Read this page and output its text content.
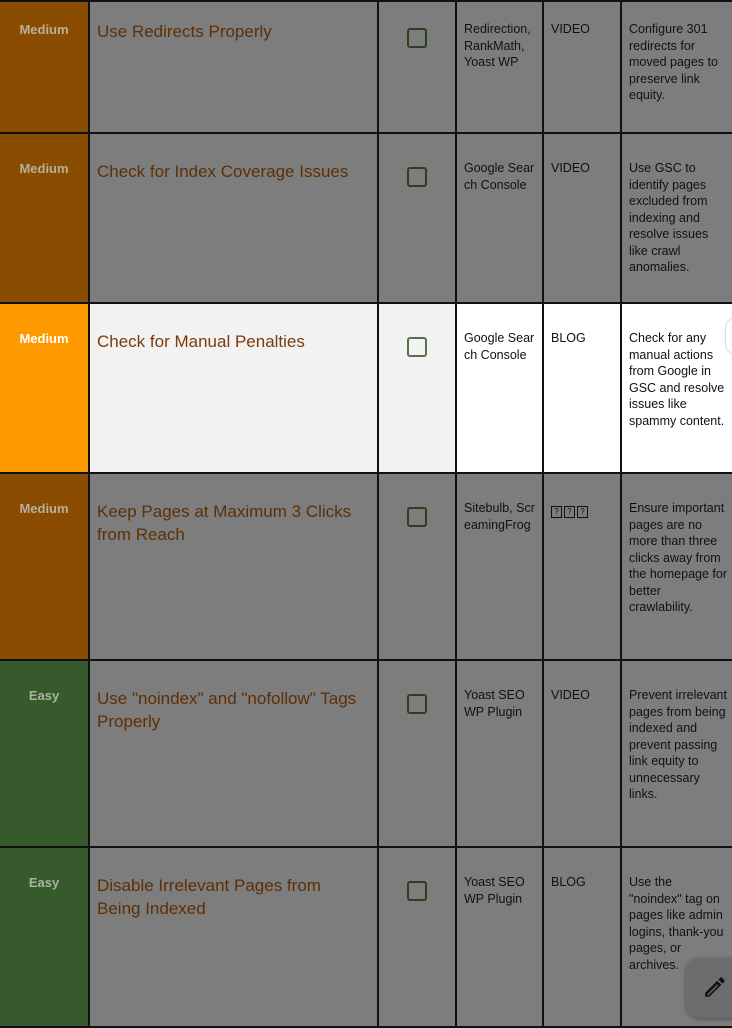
Medium	Use Redirects Properly		Redirection, RankMath, Yoast WP	VIDEO	Configure 301 redirects for moved pages to preserve link equity.
Medium	Check for Index Coverage Issues		Google Search Console	VIDEO	Use GSC to identify pages excluded from indexing and resolve issues like crawl anomalies.
Medium	Check for Manual Penalties		Google Search Console	BLOG	Check for any manual actions from Google in GSC and resolve issues like spammy content.
Medium	Keep Pages at Maximum 3 Clicks from Reach		Sitebulb, ScreamingFrog	? ? ?	Ensure important pages are no more than three clicks away from the homepage for better crawlability.
Easy	Use "noindex" and "nofollow" Tags Properly		Yoast SEO WP Plugin	VIDEO	Prevent irrelevant pages from being indexed and prevent passing link equity to unnecessary links.
Easy	Disable Irrelevant Pages from Being Indexed		Yoast SEO WP Plugin	BLOG	Use the "noindex" tag on pages like admin logins, thank-you pages, or archives.
